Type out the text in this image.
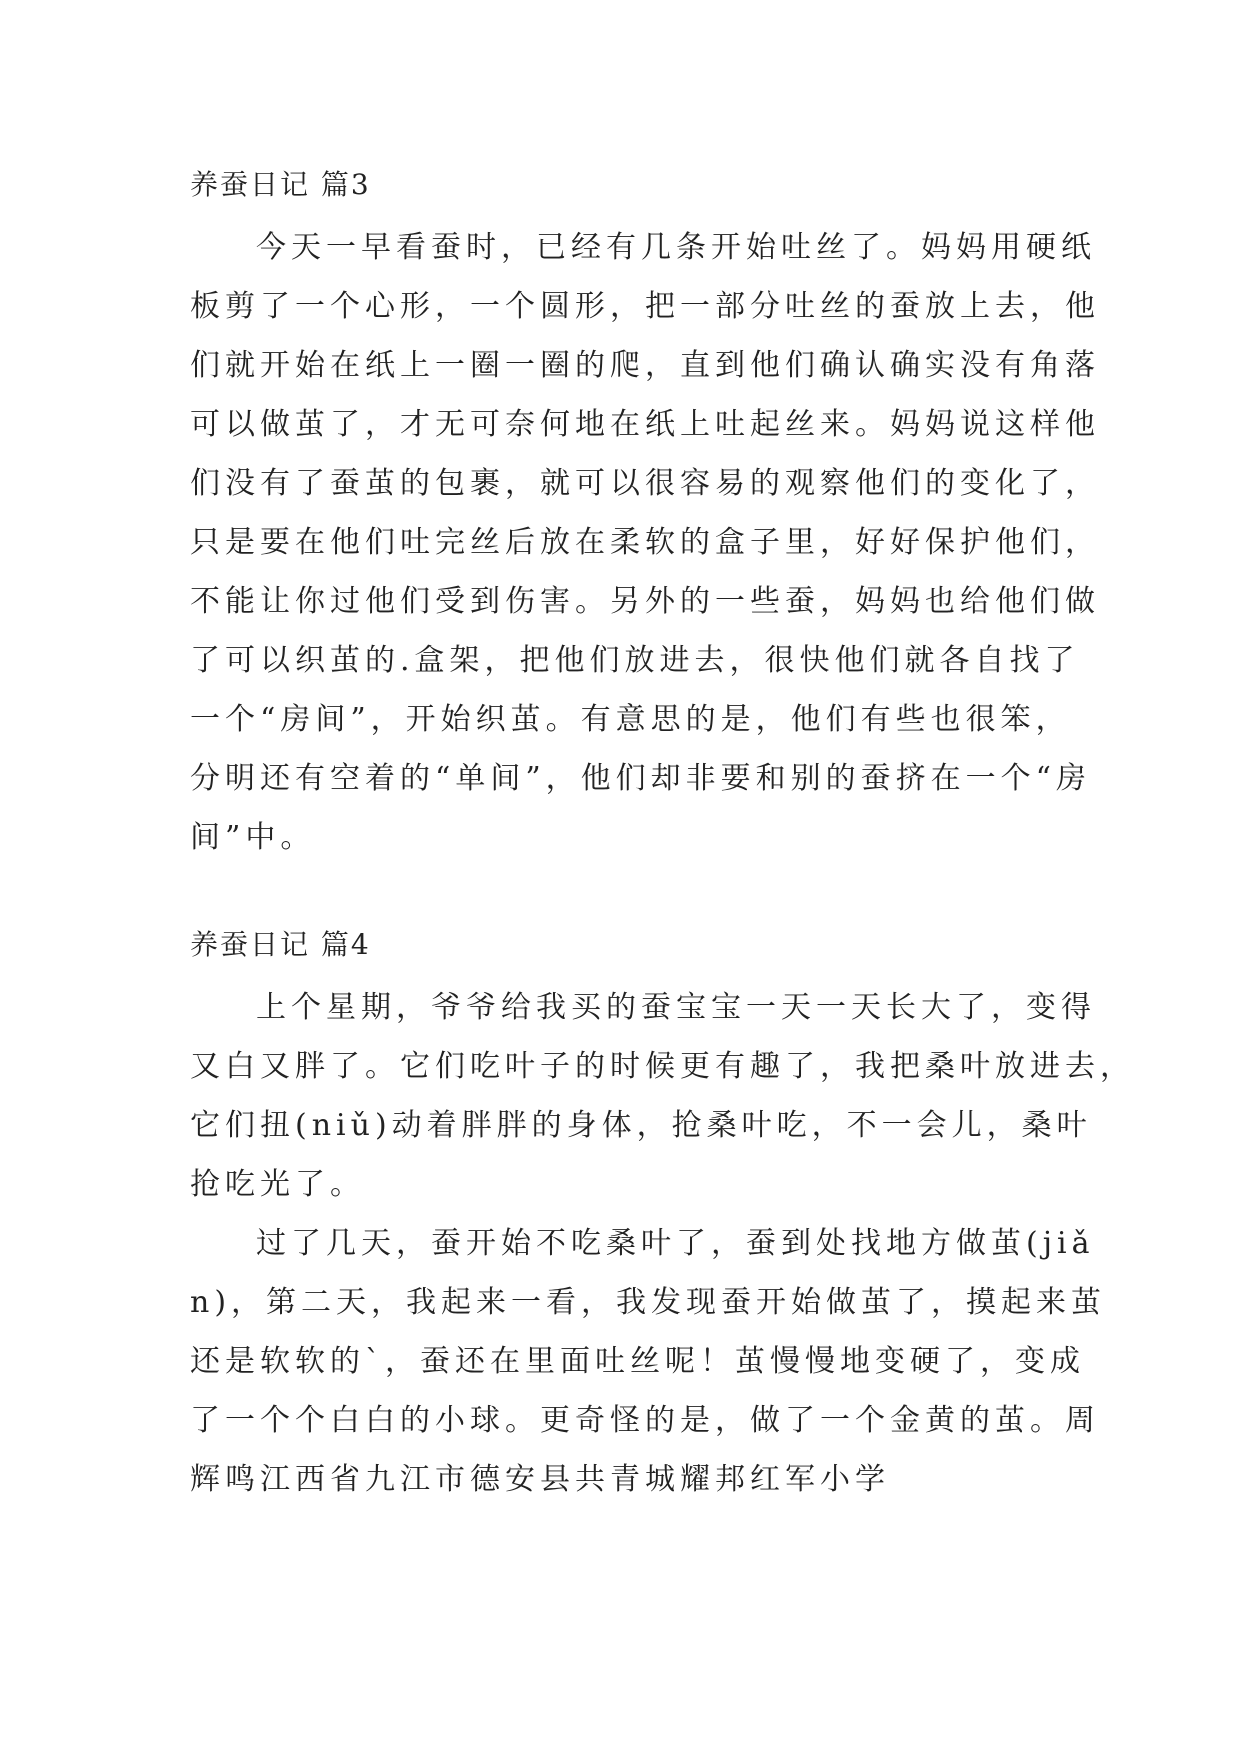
养蚕日记 篇3
今天一早看蚕时，已经有几条开始吐丝了。妈妈用硬纸
板剪了一个心形，一个圆形，把一部分吐丝的蚕放上去，他
们就开始在纸上一圈一圈的爬，直到他们确认确实没有角落
可以做茧了，才无可奈何地在纸上吐起丝来。妈妈说这样他
们没有了蚕茧的包裹，就可以很容易的观察他们的变化了，
只是要在他们吐完丝后放在柔软的盒子里，好好保护他们，
不能让你过他们受到伤害。另外的一些蚕，妈妈也给他们做
了可以织茧的.盒架，把他们放进去，很快他们就各自找了
一个“房间”，开始织茧。有意思的是，他们有些也很笨，
分明还有空着的“单间”，他们却非要和别的蚕挤在一个“房
间”中。
养蚕日记 篇4
上个星期，爷爷给我买的蚕宝宝一天一天长大了，变得
又白又胖了。它们吃叶子的时候更有趣了，我把桑叶放进去，
它们扭(niǔ)动着胖胖的身体，抢桑叶吃，不一会儿，桑叶
抢吃光了。
过了几天，蚕开始不吃桑叶了，蚕到处找地方做茧(jiǎ
n)，第二天，我起来一看，我发现蚕开始做茧了，摸起来茧
还是软软的`，蚕还在里面吐丝呢！茧慢慢地变硬了，变成
了一个个白白的小球。更奇怪的是，做了一个金黄的茧。周
辉鸣江西省九江市德安县共青城耀邦红军小学
